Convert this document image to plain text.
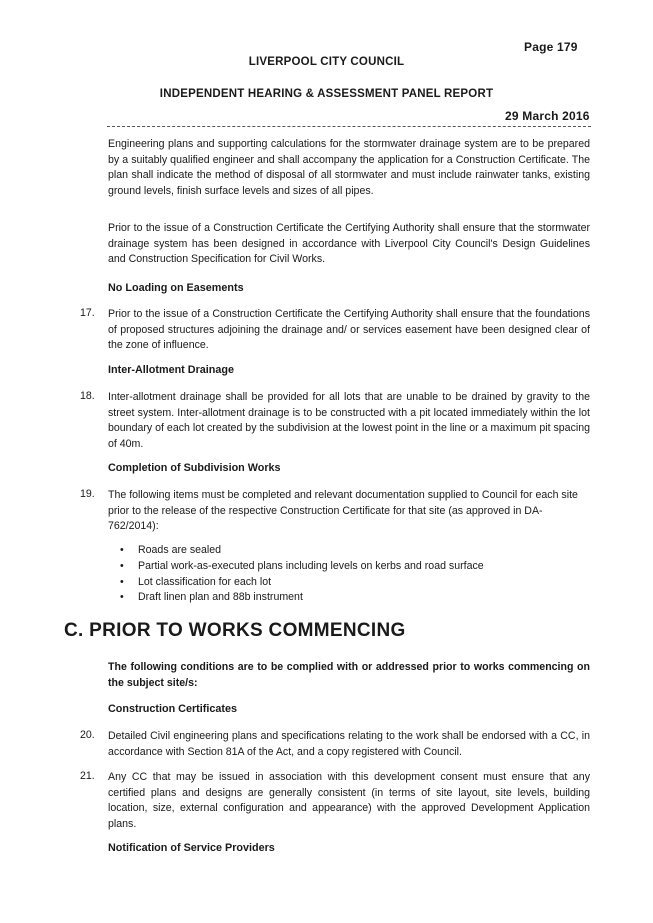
Page 179
LIVERPOOL CITY COUNCIL
INDEPENDENT HEARING & ASSESSMENT PANEL REPORT
29 March 2016
Engineering plans and supporting calculations for the stormwater drainage system are to be prepared by a suitably qualified engineer and shall accompany the application for a Construction Certificate. The plan shall indicate the method of disposal of all stormwater and must include rainwater tanks, existing ground levels, finish surface levels and sizes of all pipes.
Prior to the issue of a Construction Certificate the Certifying Authority shall ensure that the stormwater drainage system has been designed in accordance with Liverpool City Council's Design Guidelines and Construction Specification for Civil Works.
No Loading on Easements
17. Prior to the issue of a Construction Certificate the Certifying Authority shall ensure that the foundations of proposed structures adjoining the drainage and/ or services easement have been designed clear of the zone of influence.
Inter-Allotment Drainage
18. Inter-allotment drainage shall be provided for all lots that are unable to be drained by gravity to the street system. Inter-allotment drainage is to be constructed with a pit located immediately within the lot boundary of each lot created by the subdivision at the lowest point in the line or a maximum pit spacing of 40m.
Completion of Subdivision Works
19. The following items must be completed and relevant documentation supplied to Council for each site prior to the release of the respective Construction Certificate for that site (as approved in DA-762/2014):
• Roads are sealed
• Partial work-as-executed plans including levels on kerbs and road surface
• Lot classification for each lot
• Draft linen plan and 88b instrument
C. PRIOR TO WORKS COMMENCING
The following conditions are to be complied with or addressed prior to works commencing on the subject site/s:
Construction Certificates
20. Detailed Civil engineering plans and specifications relating to the work shall be endorsed with a CC, in accordance with Section 81A of the Act, and a copy registered with Council.
21. Any CC that may be issued in association with this development consent must ensure that any certified plans and designs are generally consistent (in terms of site layout, site levels, building location, size, external configuration and appearance) with the approved Development Application plans.
Notification of Service Providers
